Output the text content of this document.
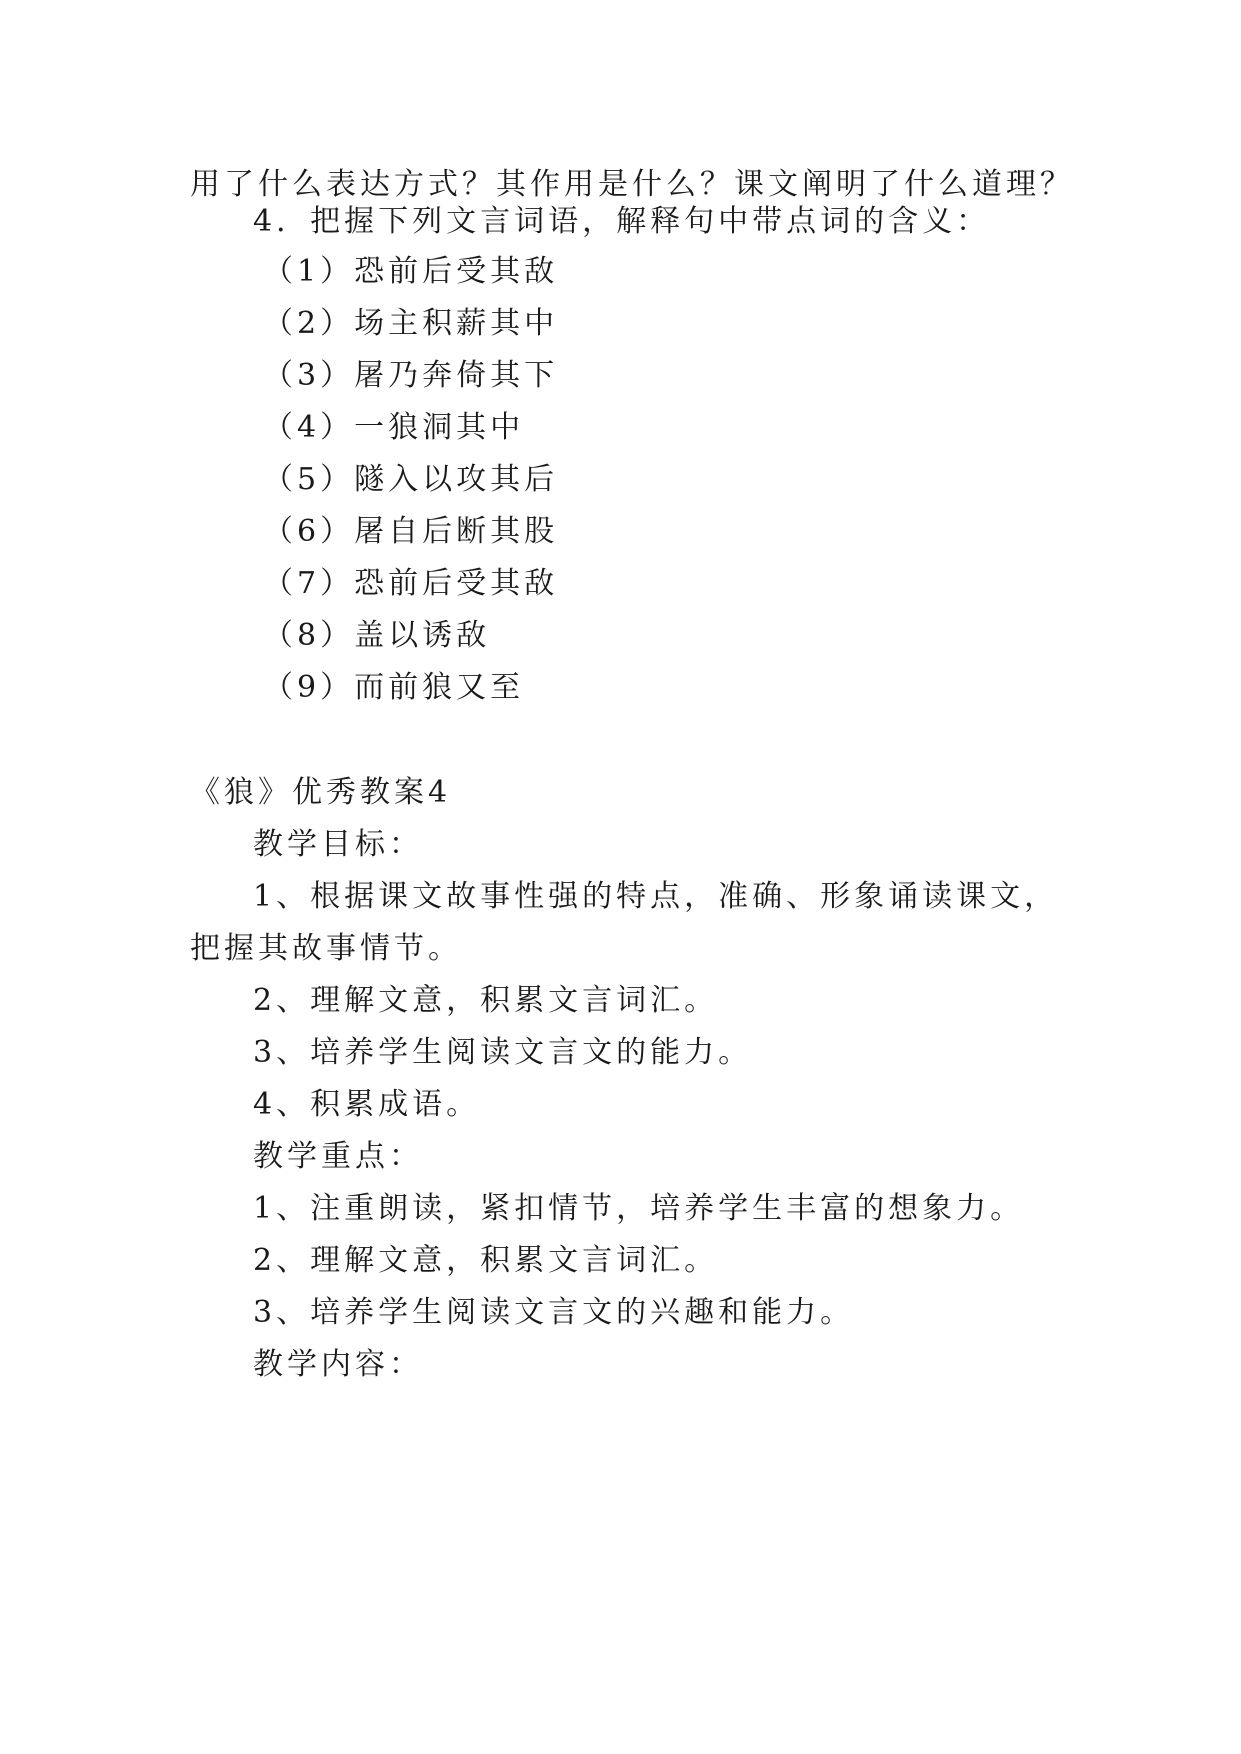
用了什么表达方式？其作用是什么？课文阐明了什么道理？
4．把握下列文言词语，解释句中带点词的含义：
（1）恐前后受其敌
（2）场主积薪其中
（3）屠乃奔倚其下
（4）一狼洞其中
（5）隧入以攻其后
（6）屠自后断其股
（7）恐前后受其敌
（8）盖以诱敌
（9）而前狼又至
《狼》优秀教案4
教学目标：
1、根据课文故事性强的特点，准确、形象诵读课文，
把握其故事情节。
2、理解文意，积累文言词汇。
3、培养学生阅读文言文的能力。
4、积累成语。
教学重点：
1、注重朗读，紧扣情节，培养学生丰富的想象力。
2、理解文意，积累文言词汇。
3、培养学生阅读文言文的兴趣和能力。
教学内容：
